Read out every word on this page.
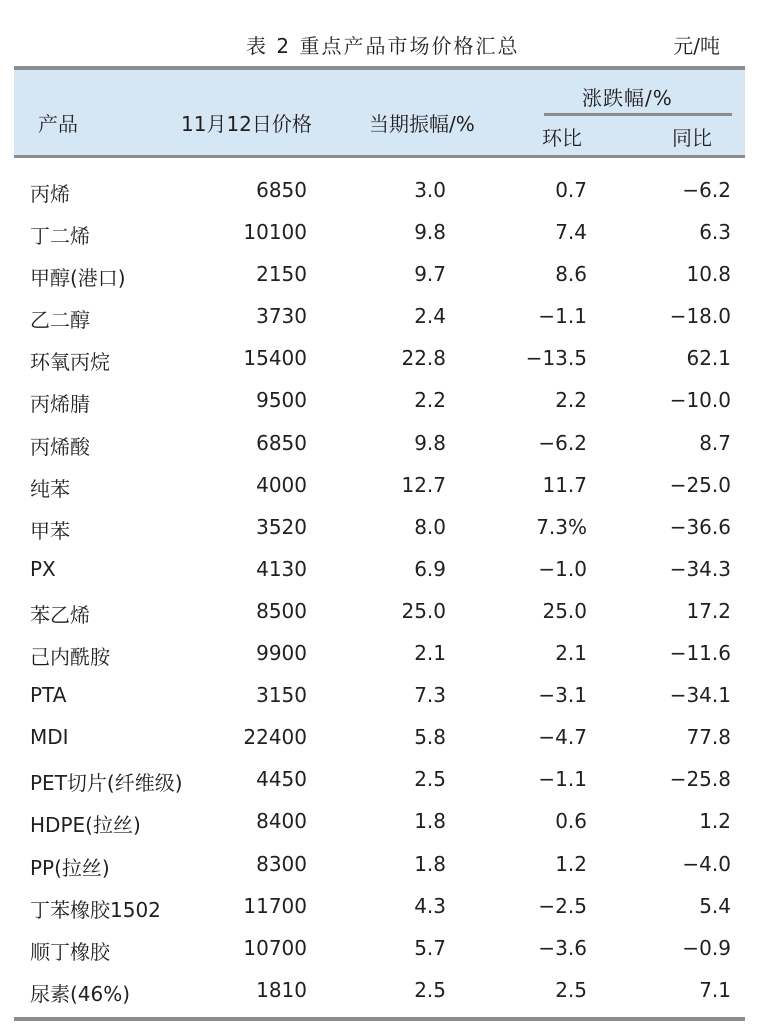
表 2 重点产品市场价格汇总	元/吨
产品	11月12日价格	当期振幅/%
涨跌幅/%
环比	同比
丙烯	6850	3.0	0.7	−6.2
丁二烯	10100	9.8	7.4	6.3
甲醇(港口)	2150	9.7	8.6	10.8
乙二醇	3730	2.4	−1.1	−18.0
环氧丙烷	15400	22.8	−13.5	62.1
丙烯腈	9500	2.2	2.2	−10.0
丙烯酸	6850	9.8	−6.2	8.7
纯苯	4000	12.7	11.7	−25.0
甲苯	3520	8.0	7.3%	−36.6
PX	4130	6.9	−1.0	−34.3
苯乙烯	8500	25.0	25.0	17.2
己内酰胺	9900	2.1	2.1	−11.6
PTA	3150	7.3	−3.1	−34.1
MDI	22400	5.8	−4.7	77.8
PET切片(纤维级)	4450	2.5	−1.1	−25.8
HDPE(拉丝)	8400	1.8	0.6	1.2
PP(拉丝)	8300	1.8	1.2	−4.0
丁苯橡胶1502	11700	4.3	−2.5	5.4
顺丁橡胶	10700	5.7	−3.6	−0.9
尿素(46%)	1810	2.5	2.5	7.1
